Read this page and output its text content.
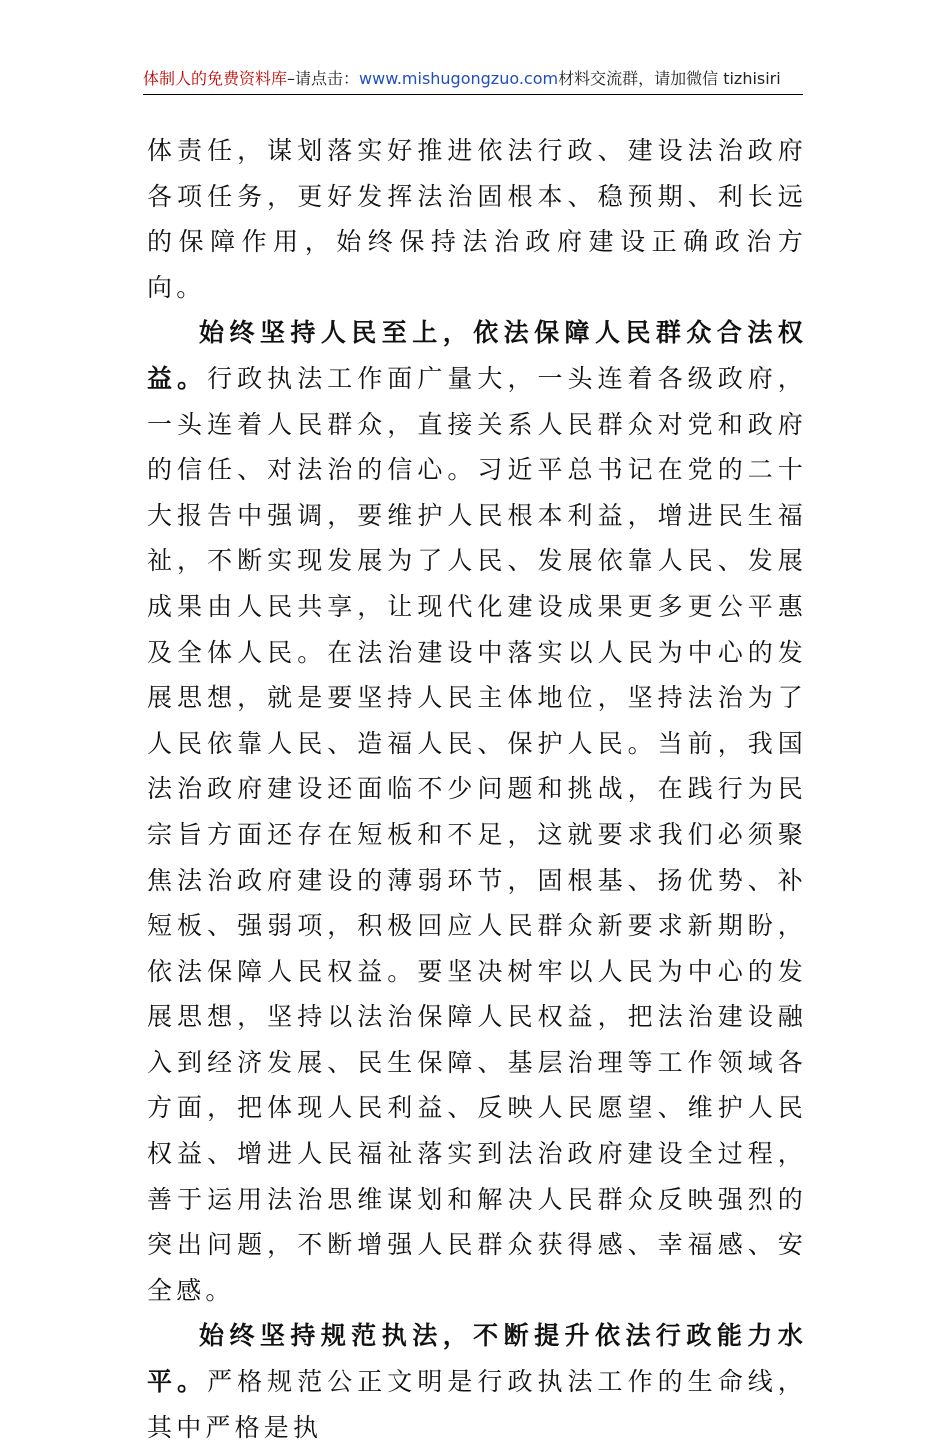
体制人的免费资料库–请点击：www.mishugongzuo.com材料交流群，请加微信 tizhisiri

体责任，谋划落实好推进依法行政、建设法治政府各项任务，更好发挥法治固根本、稳预期、利长远的保障作用，始终保持法治政府建设正确政治方向。

始终坚持人民至上，依法保障人民群众合法权益。行政执法工作面广量大，一头连着各级政府，一头连着人民群众，直接关系人民群众对党和政府的信任、对法治的信心。习近平总书记在党的二十大报告中强调，要维护人民根本利益，增进民生福祉，不断实现发展为了人民、发展依靠人民、发展成果由人民共享，让现代化建设成果更多更公平惠及全体人民。在法治建设中落实以人民为中心的发展思想，就是要坚持人民主体地位，坚持法治为了人民依靠人民、造福人民、保护人民。当前，我国法治政府建设还面临不少问题和挑战，在践行为民宗旨方面还存在短板和不足，这就要求我们必须聚焦法治政府建设的薄弱环节，固根基、扬优势、补短板、强弱项，积极回应人民群众新要求新期盼，依法保障人民权益。要坚决树牢以人民为中心的发展思想，坚持以法治保障人民权益，把法治建设融入到经济发展、民生保障、基层治理等工作领域各方面，把体现人民利益、反映人民愿望、维护人民权益、增进人民福祉落实到法治政府建设全过程，善于运用法治思维谋划和解决人民群众反映强烈的突出问题，不断增强人民群众获得感、幸福感、安全感。

始终坚持规范执法，不断提升依法行政能力水平。严格规范公正文明是行政执法工作的生命线，其中严格是执
